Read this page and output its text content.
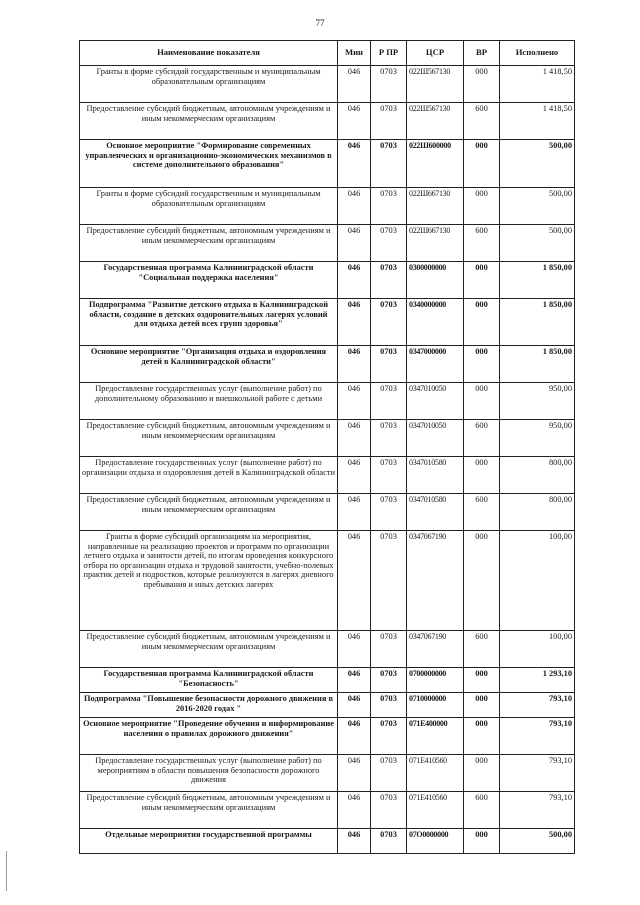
77
Наименование показателя	Мин	Р ПР	ЦСР	ВР	Исполнено
Гранты в форме субсидий государственным и муниципальным образовательным организациям	046	0703	022Ш567130	000	1 418,50
Предоставление субсидий бюджетным, автономным учреждениям и иным некоммерческим организациям	046	0703	022Ш567130	600	1 418,50
Основное мероприятие "Формирование современных управленческих и организационно-экономических механизмов в системе дополнительного образования"	046	0703	022Ш600000	000	500,00
Гранты в форме субсидий государственным и муниципальным образовательным организациям	046	0703	022Ш667130	000	500,00
Предоставление субсидий бюджетным, автономным учреждениям и иным некоммерческим организациям	046	0703	022Ш667130	600	500,00
Государственная программа Калининградской области "Социальная поддержка населения"	046	0703	0300000000	000	1 850,00
Подпрограмма "Развитие детского отдыха в Калининградской области, создание в детских оздоровительных лагерях условий для отдыха детей всех групп здоровья"	046	0703	0340000000	000	1 850,00
Основное мероприятие "Организация отдыха и оздоровления детей в Калининградской области"	046	0703	0347000000	000	1 850,00
Предоставление государственных услуг (выполнение работ) по дополнительному образованию и внешкольной работе с детьми	046	0703	0347010050	000	950,00
Предоставление субсидий бюджетным, автономным учреждениям и иным некоммерческим организациям	046	0703	0347010050	600	950,00
Предоставление государственных услуг (выполнение работ) по организации отдыха и оздоровления детей в Калининградской области	046	0703	0347010580	000	800,00
Предоставление субсидий бюджетным, автономным учреждениям и иным некоммерческим организациям	046	0703	0347010580	600	800,00
Гранты в форме субсидий организациям на мероприятия, направленные на реализацию проектов и программ по организации летнего отдыха и занятости детей, по итогам проведения конкурсного отбора по организации отдыха и трудовой занятости, учебно-полевых практик детей и подростков, которые реализуются в лагерях дневного пребывания и иных детских лагерях	046	0703	0347067190	000	100,00
Предоставление субсидий бюджетным, автономным учреждениям и иным некоммерческим организациям	046	0703	0347067190	600	100,00
Государственная программа Калининградской области "Безопасность"	046	0703	0700000000	000	1 293,10
Подпрограмма "Повышение безопасности дорожного движения в 2016-2020 годах "	046	0703	0710000000	000	793,10
Основное мероприятие "Проведение обучения и информирование населения о правилах дорожного движения"	046	0703	071Е400000	000	793,10
Предоставление государственных услуг (выполнение работ) по мероприятиям в области повышения безопасности дорожного движения	046	0703	071Е410560	000	793,10
Предоставление субсидий бюджетным, автономным учреждениям и иным некоммерческим организациям	046	0703	071Е410560	600	793,10
Отдельные мероприятия государственной программы	046	0703	07О0000000	000	500,00
